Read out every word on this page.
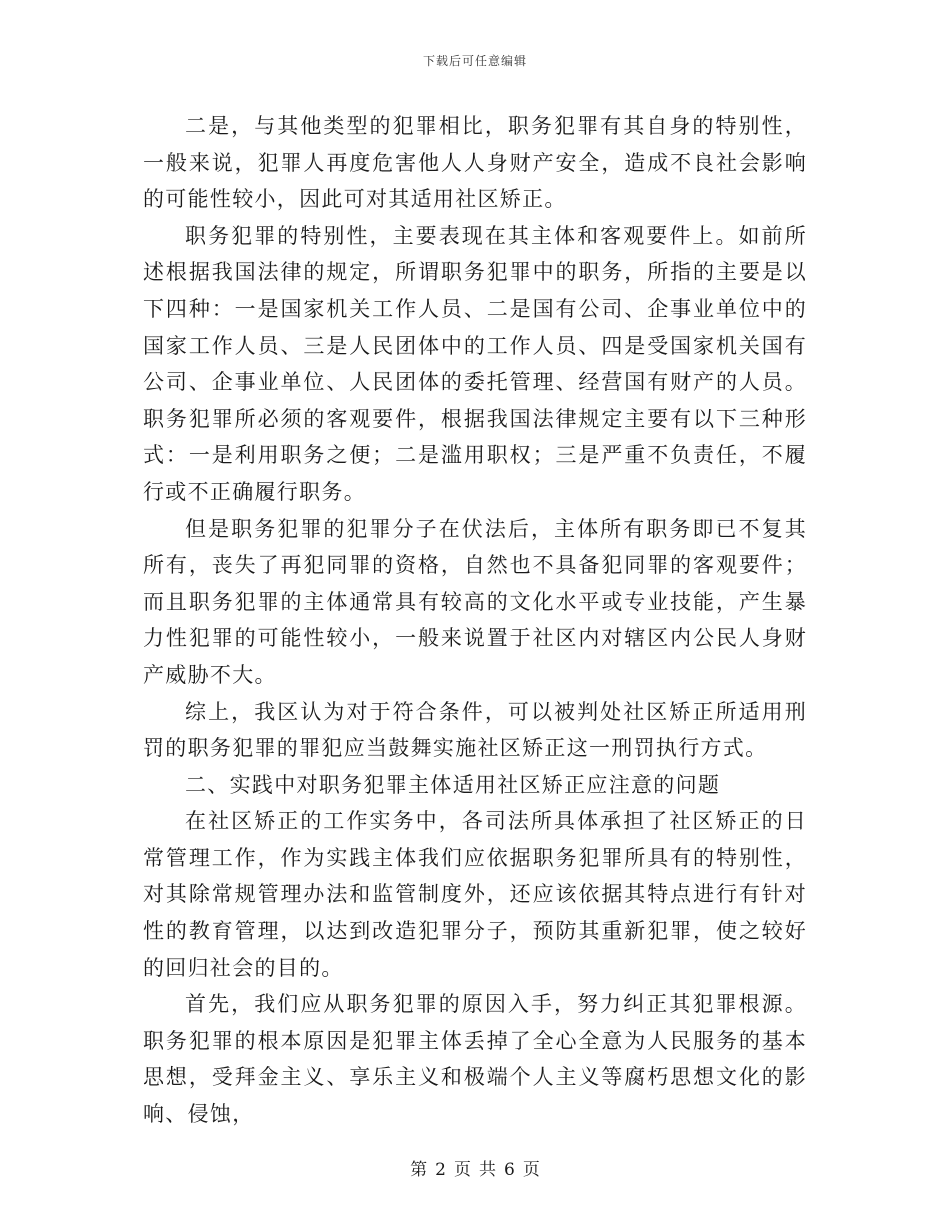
下载后可任意编辑

二是，与其他类型的犯罪相比，职务犯罪有其自身的特别性，一般来说，犯罪人再度危害他人人身财产安全，造成不良社会影响的可能性较小，因此可对其适用社区矫正。

职务犯罪的特别性，主要表现在其主体和客观要件上。如前所述根据我国法律的规定，所谓职务犯罪中的职务，所指的主要是以下四种：一是国家机关工作人员、二是国有公司、企事业单位中的国家工作人员、三是人民团体中的工作人员、四是受国家机关国有公司、企事业单位、人民团体的委托管理、经营国有财产的人员。职务犯罪所必须的客观要件，根据我国法律规定主要有以下三种形式：一是利用职务之便；二是滥用职权；三是严重不负责任，不履行或不正确履行职务。

但是职务犯罪的犯罪分子在伏法后，主体所有职务即已不复其所有，丧失了再犯同罪的资格，自然也不具备犯同罪的客观要件；而且职务犯罪的主体通常具有较高的文化水平或专业技能，产生暴力性犯罪的可能性较小，一般来说置于社区内对辖区内公民人身财产威胁不大。

综上，我区认为对于符合条件，可以被判处社区矫正所适用刑罚的职务犯罪的罪犯应当鼓舞实施社区矫正这一刑罚执行方式。

二、实践中对职务犯罪主体适用社区矫正应注意的问题

在社区矫正的工作实务中，各司法所具体承担了社区矫正的日常管理工作，作为实践主体我们应依据职务犯罪所具有的特别性，对其除常规管理办法和监管制度外，还应该依据其特点进行有针对性的教育管理，以达到改造犯罪分子，预防其重新犯罪，使之较好的回归社会的目的。

首先，我们应从职务犯罪的原因入手，努力纠正其犯罪根源。职务犯罪的根本原因是犯罪主体丢掉了全心全意为人民服务的基本思想，受拜金主义、享乐主义和极端个人主义等腐朽思想文化的影响、侵蚀，

第 2 页 共 6 页
